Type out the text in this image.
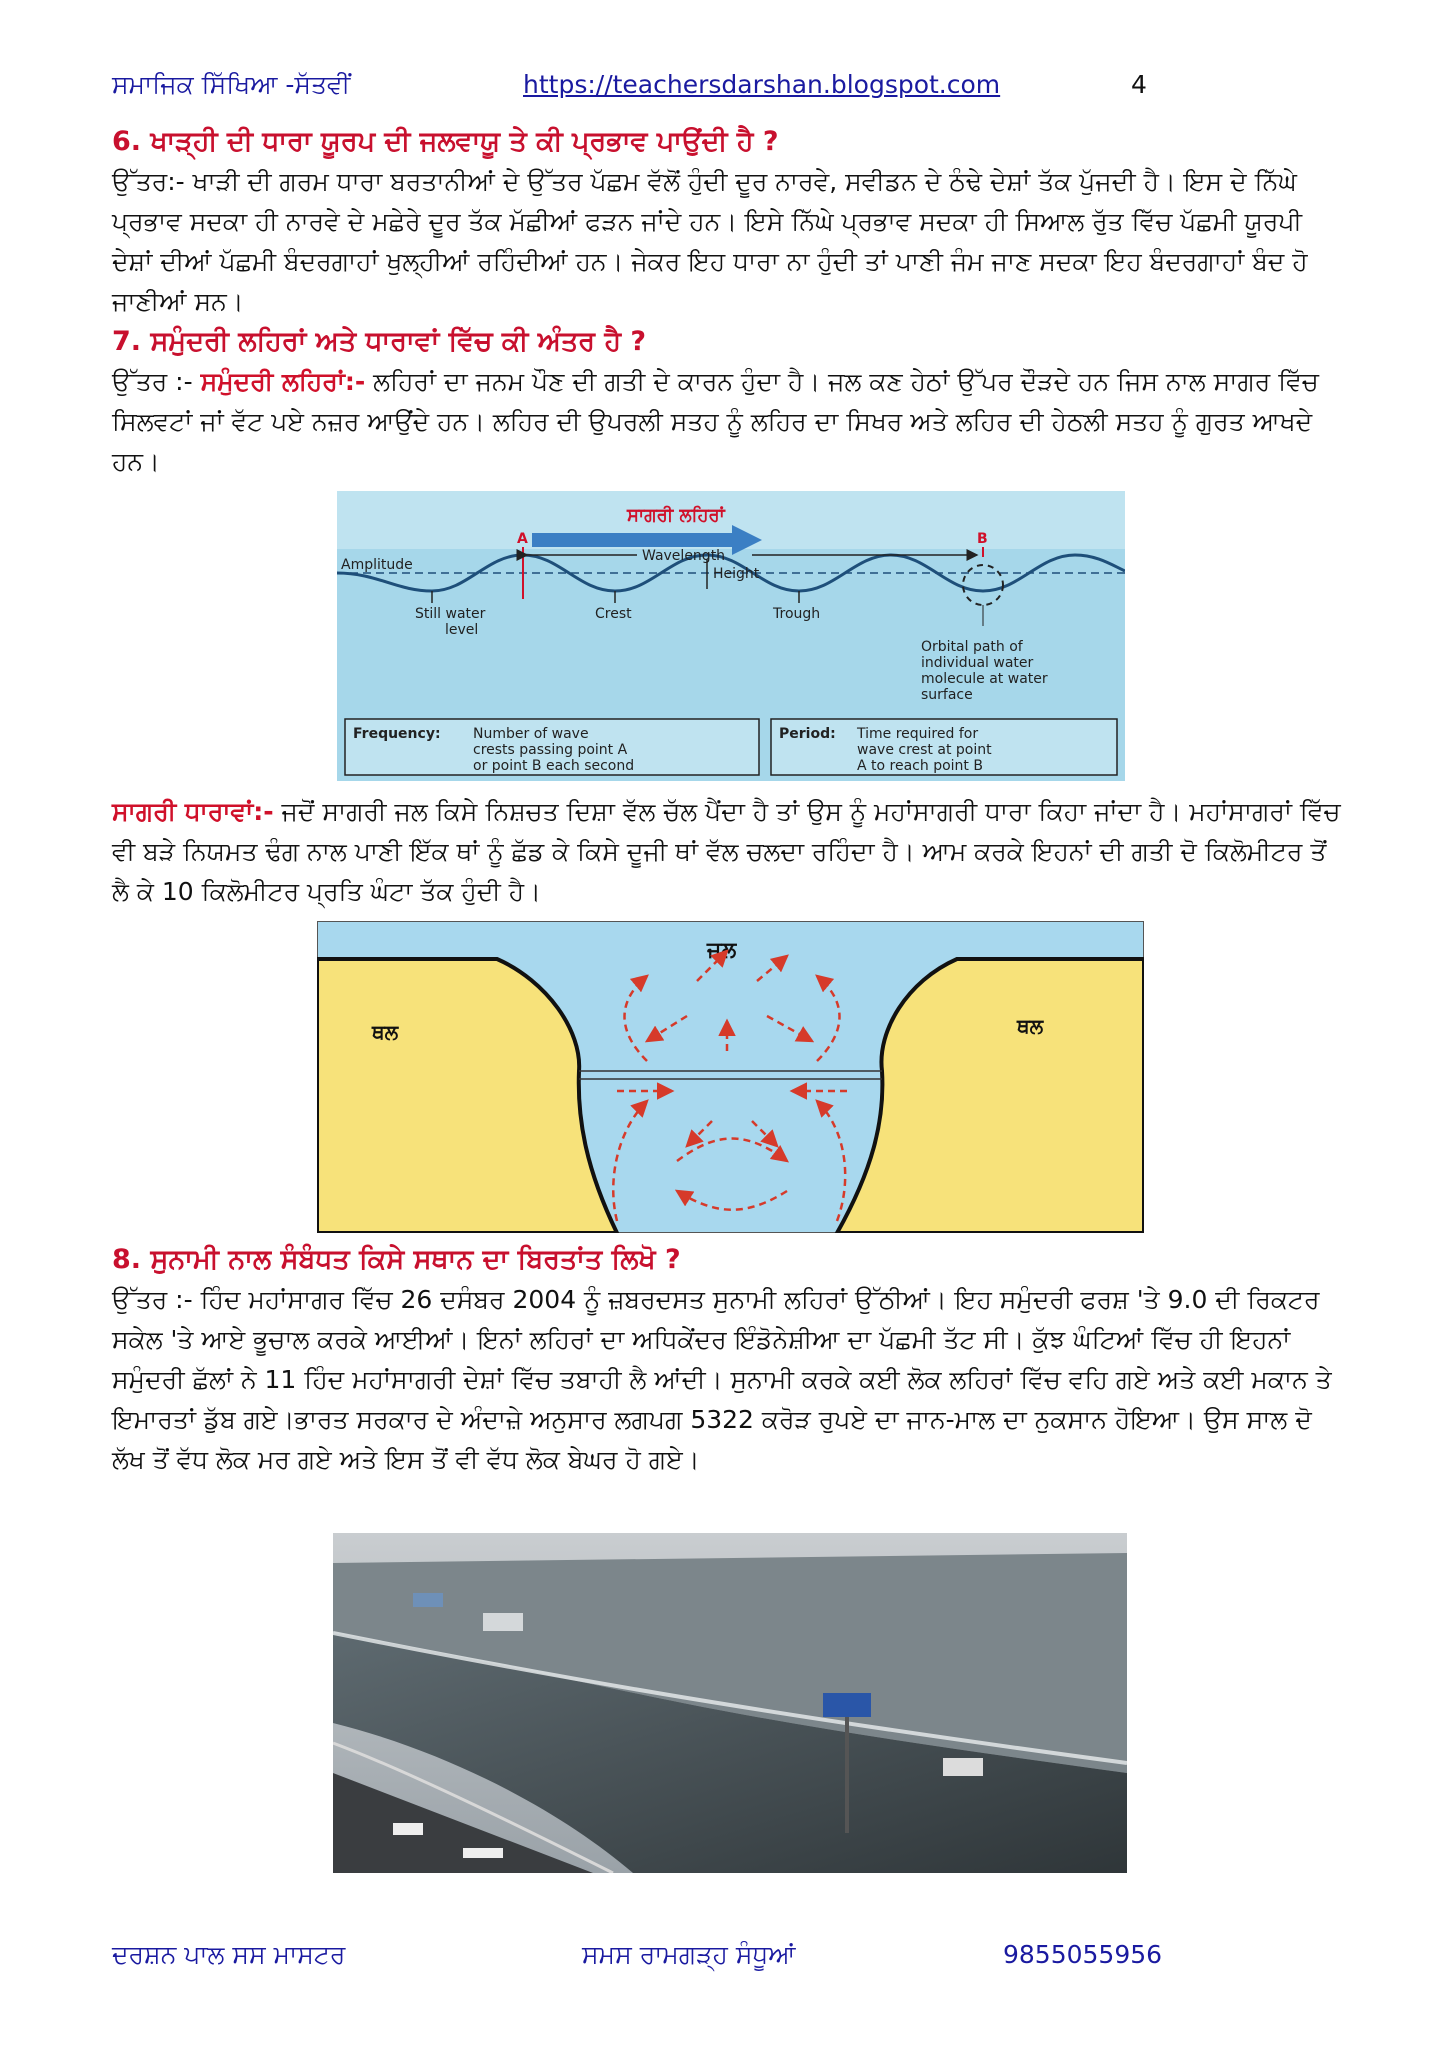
ਸਮਾਜਿਕ ਸਿੱਖਿਆ -ਸੱਤਵੀਂ	https://teachersdarshan.blogspot.com	4
6. ਖਾੜ੍ਹੀ ਦੀ ਧਾਰਾ ਯੂਰਪ ਦੀ ਜਲਵਾਯੂ ਤੇ ਕੀ ਪ੍ਰਭਾਵ ਪਾਉਂਦੀ ਹੈ ?
ਉੱਤਰ:- ਖਾੜੀ ਦੀ ਗਰਮ ਧਾਰਾ ਬਰਤਾਨੀਆਂ ਦੇ ਉੱਤਰ ਪੱਛਮ ਵੱਲੋਂ ਹੁੰਦੀ ਦੂਰ ਨਾਰਵੇ, ਸਵੀਡਨ ਦੇ ਠੰਢੇ ਦੇਸ਼ਾਂ ਤੱਕ ਪੁੱਜਦੀ ਹੈ। ਇਸ ਦੇ ਨਿੱਘੇ ਪ੍ਰਭਾਵ ਸਦਕਾ ਹੀ ਨਾਰਵੇ ਦੇ ਮਛੇਰੇ ਦੂਰ ਤੱਕ ਮੱਛੀਆਂ ਫੜਨ ਜਾਂਦੇ ਹਨ। ਇਸੇ ਨਿੱਘੇ ਪ੍ਰਭਾਵ ਸਦਕਾ ਹੀ ਸਿਆਲ ਰੁੱਤ ਵਿੱਚ ਪੱਛਮੀ ਯੂਰਪੀ ਦੇਸ਼ਾਂ ਦੀਆਂ ਪੱਛਮੀ ਬੰਦਰਗਾਹਾਂ ਖੁਲ੍ਹੀਆਂ ਰਹਿੰਦੀਆਂ ਹਨ। ਜੇਕਰ ਇਹ ਧਾਰਾ ਨਾ ਹੁੰਦੀ ਤਾਂ ਪਾਣੀ ਜੰਮ ਜਾਣ ਸਦਕਾ ਇਹ ਬੰਦਰਗਾਹਾਂ ਬੰਦ ਹੋ ਜਾਣੀਆਂ ਸਨ।
7. ਸਮੁੰਦਰੀ ਲਹਿਰਾਂ ਅਤੇ ਧਾਰਾਵਾਂ ਵਿੱਚ ਕੀ ਅੰਤਰ ਹੈ ?
ਉੱਤਰ :- ਸਮੁੰਦਰੀ ਲਹਿਰਾਂ:- ਲਹਿਰਾਂ ਦਾ ਜਨਮ ਪੌਣ ਦੀ ਗਤੀ ਦੇ ਕਾਰਨ ਹੁੰਦਾ ਹੈ। ਜਲ ਕਣ ਹੇਠਾਂ ਉੱਪਰ ਦੌੜਦੇ ਹਨ ਜਿਸ ਨਾਲ ਸਾਗਰ ਵਿੱਚ ਸਿਲਵਟਾਂ ਜਾਂ ਵੱਟ ਪਏ ਨਜ਼ਰ ਆਉਂਦੇ ਹਨ। ਲਹਿਰ ਦੀ ਉਪਰਲੀ ਸਤਹ ਨੂੰ ਲਹਿਰ ਦਾ ਸਿਖਰ ਅਤੇ ਲਹਿਰ ਦੀ ਹੇਠਲੀ ਸਤਹ ਨੂੰ ਗੁਰਤ ਆਖਦੇ ਹਨ।
ਸਾਗਰੀ ਲਹਿਰਾਂ
Amplitude
A	B
Wavelength
Height
Still water
level
Crest	Trough
Orbital path of
individual water
molecule at water
surface
Frequency: Number of wave
crests passing point A
or point B each second
Period: Time required for
wave crest at point
A to reach point B
ਸਾਗਰੀ ਧਾਰਾਵਾਂ:- ਜਦੋਂ ਸਾਗਰੀ ਜਲ ਕਿਸੇ ਨਿਸ਼ਚਤ ਦਿਸ਼ਾ ਵੱਲ ਚੱਲ ਪੈਂਦਾ ਹੈ ਤਾਂ ਉਸ ਨੂੰ ਮਹਾਂਸਾਗਰੀ ਧਾਰਾ ਕਿਹਾ ਜਾਂਦਾ ਹੈ। ਮਹਾਂਸਾਗਰਾਂ ਵਿੱਚ ਵੀ ਬੜੇ ਨਿਯਮਤ ਢੰਗ ਨਾਲ ਪਾਣੀ ਇੱਕ ਥਾਂ ਨੂੰ ਛੱਡ ਕੇ ਕਿਸੇ ਦੂਜੀ ਥਾਂ ਵੱਲ ਚਲਦਾ ਰਹਿੰਦਾ ਹੈ। ਆਮ ਕਰਕੇ ਇਹਨਾਂ ਦੀ ਗਤੀ ਦੋ ਕਿਲੋਮੀਟਰ ਤੋਂ ਲੈ ਕੇ 10 ਕਿਲੋਮੀਟਰ ਪ੍ਰਤਿ ਘੰਟਾ ਤੱਕ ਹੁੰਦੀ ਹੈ।
ਜਲ
ਥਲ	ਥਲ
8. ਸੁਨਾਮੀ ਨਾਲ ਸੰਬੰਧਤ ਕਿਸੇ ਸਥਾਨ ਦਾ ਬਿਰਤਾਂਤ ਲਿਖੋ ?
ਉੱਤਰ :- ਹਿੰਦ ਮਹਾਂਸਾਗਰ ਵਿੱਚ 26 ਦਸੰਬਰ 2004 ਨੂੰ ਜ਼ਬਰਦਸਤ ਸੁਨਾਮੀ ਲਹਿਰਾਂ ਉੱਠੀਆਂ। ਇਹ ਸਮੁੰਦਰੀ ਫਰਸ਼ 'ਤੇ 9.0 ਦੀ ਰਿਕਟਰ ਸਕੇਲ 'ਤੇ ਆਏ ਭੂਚਾਲ ਕਰਕੇ ਆਈਆਂ। ਇਨਾਂ ਲਹਿਰਾਂ ਦਾ ਅਧਿਕੇਂਦਰ ਇੰਡੋਨੇਸ਼ੀਆ ਦਾ ਪੱਛਮੀ ਤੱਟ ਸੀ। ਕੁੱਝ ਘੰਟਿਆਂ ਵਿੱਚ ਹੀ ਇਹਨਾਂ ਸਮੁੰਦਰੀ ਛੱਲਾਂ ਨੇ 11 ਹਿੰਦ ਮਹਾਂਸਾਗਰੀ ਦੇਸ਼ਾਂ ਵਿੱਚ ਤਬਾਹੀ ਲੈ ਆਂਦੀ। ਸੁਨਾਮੀ ਕਰਕੇ ਕਈ ਲੋਕ ਲਹਿਰਾਂ ਵਿੱਚ ਵਹਿ ਗਏ ਅਤੇ ਕਈ ਮਕਾਨ ਤੇ ਇਮਾਰਤਾਂ ਡੁੱਬ ਗਏ।ਭਾਰਤ ਸਰਕਾਰ ਦੇ ਅੰਦਾਜ਼ੇ ਅਨੁਸਾਰ ਲਗਪਗ 5322 ਕਰੋੜ ਰੁਪਏ ਦਾ ਜਾਨ-ਮਾਲ ਦਾ ਨੁਕਸਾਨ ਹੋਇਆ। ਉਸ ਸਾਲ ਦੋ ਲੱਖ ਤੋਂ ਵੱਧ ਲੋਕ ਮਰ ਗਏ ਅਤੇ ਇਸ ਤੋਂ ਵੀ ਵੱਧ ਲੋਕ ਬੇਘਰ ਹੋ ਗਏ।
ਦਰਸ਼ਨ ਪਾਲ ਸਸ ਮਾਸਟਰ	ਸਮਸ ਰਾਮਗੜ੍ਹ ਸੰਧੂਆਂ	9855055956
